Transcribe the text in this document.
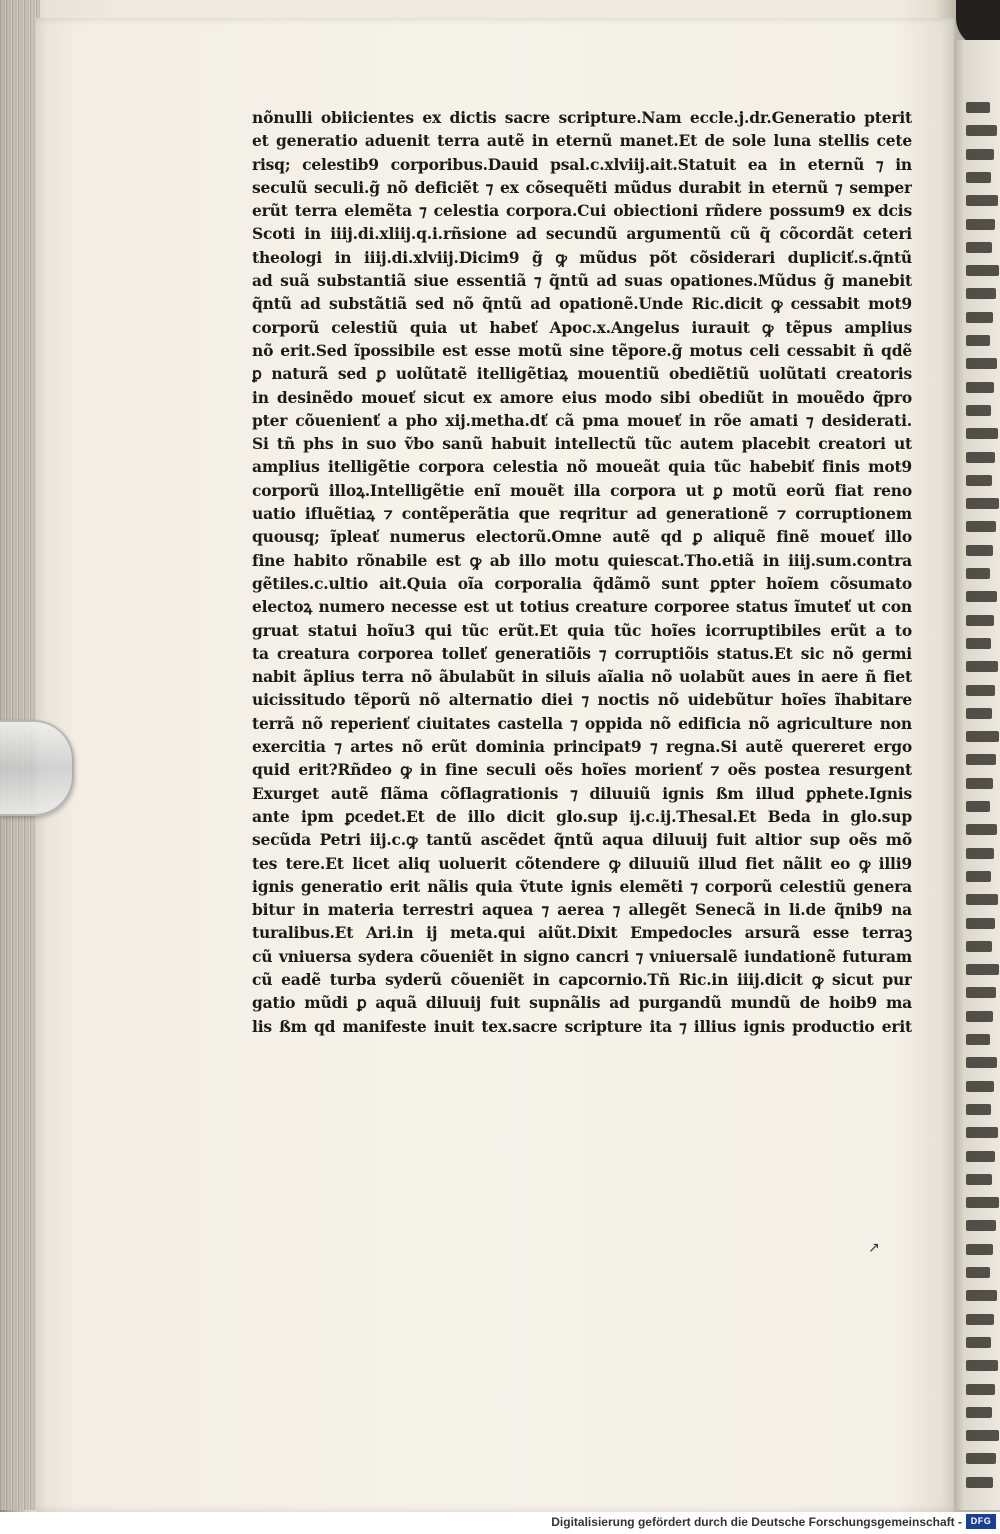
nõnulli obiicientes ex dictis sacre scripture.Nam eccle.j.dr.Generatio pterit
et generatio aduenit terra autẽ in eternũ manet.Et de sole luna stellis cete
risq; celestib9 corporibus.Dauid psal.c.xlviij.ait.Statuit ea in eternũ ⁊ in
seculũ seculi.g̃ nõ deficiẽt ⁊ ex cõsequẽti mũdus durabit in eternũ ⁊ semper
erũt terra elemẽta ⁊ celestia corpora.Cui obiectioni rñdere possum9 ex dcis
Scoti in iiij.di.xliij.q.i.rñsione ad secundũ argumentũ cũ q̃ cõcordãt ceteri
theologi in iiij.di.xlviij.Dicim9 g̃ ꝙ mũdus põt cõsiderari dupliciť.s.q̃ntũ
ad suã substantiã siue essentiã ⁊ q̃ntũ ad suas opationes.Mũdus g̃ manebit
q̃ntũ ad substãtiã sed nõ q̃ntũ ad opationẽ.Unde Ric.dicit ꝙ cessabit mot9
corporũ celestiũ quia ut habeť Apoc.x.Angelus iurauit ꝙ tẽpus amplius
nõ erit.Sed ĩpossibile est esse motũ sine tẽpore.g̃ motus celi cessabit ñ qdẽ
ꝑ naturã sed ꝑ uolũtatẽ itelligẽtiaꝝ mouentiũ obediẽtiũ uolũtati creatoris
in desinẽdo moueť sicut ex amore eius modo sibi obediũt in mouẽdo q̃pro
pter cõuenienť a pho xij.metha.dť cã pma moueť in rõe amati ⁊ desiderati.
Si tñ phs in suo ṽbo sanũ habuit intellectũ tũc autem placebit creatori ut
amplius itelligẽtie corpora celestia nõ moueãt quia tũc habebiť finis mot9
corporũ illoꝝ.Intelligẽtie enĩ mouẽt illa corpora ut ꝑ motũ eorũ fiat reno
uatio ifluẽtiaꝝ ⁊ contẽperãtia que reqritur ad generationẽ ⁊ corruptionem
quousq; ĩpleať numerus electorũ.Omne autẽ qd ꝑ aliquẽ finẽ moueť illo
fine habito rõnabile est ꝙ ab illo motu quiescat.Tho.etiã in iiij.sum.contra
gẽtiles.c.ultio ait.Quia oĩa corporalia q̃dãmõ sunt ꝑpter hoĩem cõsumato
electoꝝ numero necesse est ut totius creature corporee status ĩmuteť ut con
gruat statui hoĩu3 qui tũc erũt.Et quia tũc hoĩes icorruptibiles erũt a to
ta creatura corporea tolleť generatiõis ⁊ corruptiõis status.Et sic nõ germi
nabit ãplius terra nõ ãbulabũt in siluis aĩalia nõ uolabũt aues in aere ñ fiet
uicissitudo tẽporũ nõ alternatio diei ⁊ noctis nõ uidebũtur hoĩes ĩhabitare
terrã nõ reperienť ciuitates castella ⁊ oppida nõ edificia nõ agriculture non
exercitia ⁊ artes nõ erũt dominia principat9 ⁊ regna.Si autẽ quereret ergo
quid erit?Rñdeo ꝙ in fine seculi oẽs hoĩes morienť ⁊ oẽs postea resurgent
Exurget autẽ flãma cõflagrationis ⁊ diluuiũ ignis ßm illud ꝑphete.Ignis
ante ipm ꝑcedet.Et de illo dicit glo.sup ij.c.ij.Thesal.Et Beda in glo.sup
secũda Petri iij.c.ꝙ tantũ ascẽdet q̃ntũ aqua diluuij fuit altior sup oẽs mõ
tes tere.Et licet aliq uoluerit cõtendere ꝙ diluuiũ illud fiet nãlit eo ꝙ illi9
ignis generatio erit nãlis quia ṽtute ignis elemẽti ⁊ corporũ celestiũ genera
bitur in materia terrestri aquea ⁊ aerea ⁊ allegẽt Senecã in li.de q̃nib9 na
turalibus.Et Ari.in ij meta.qui aiũt.Dixit Empedocles arsurã esse terraꝫ
cũ vniuersa sydera cõueniẽt in signo cancri ⁊ vniuersalẽ iundationẽ futuram
cũ eadẽ turba syderũ cõueniẽt in capcornio.Tñ Ric.in iiij.dicit ꝙ sicut pur
gatio mũdi ꝑ aquã diluuij fuit supnãlis ad purgandũ mundũ de hoib9 ma
lis ßm qd manifeste inuit tex.sacre scripture ita ⁊ illius ignis productio erit
↗
Digitalisierung gefördert durch die Deutsche Forschungsgemeinschaft - DFG
